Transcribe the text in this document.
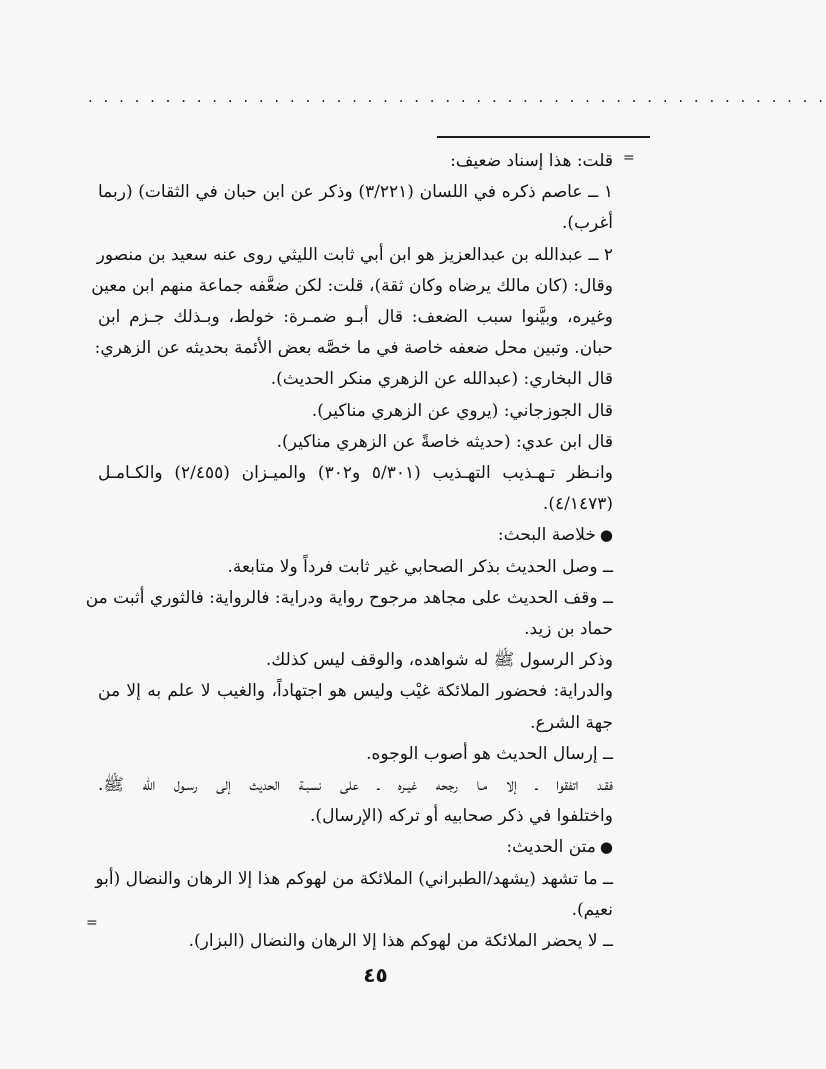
. . . . . . . . . . . . . . . . . . . . . . . . . . . . . . . . . . . . . . . . . . . . . . . .
=
قلت: هذا إسناد ضعيف:
١ ــ عاصم ذكره في اللسان (٣/٢٢١) وذكر عن ابن حبان في الثقات) (ربما
أغرب).
٢ ــ عبدالله بن عبدالعزيز هو ابن أبي ثابت الليثي روى عنه سعيد بن منصور
وقال: (كان مالك يرضاه وكان ثقة)، قلت: لكن ضعَّفه جماعة منهم ابن معين
وغيره، وبيَّنوا سبب الضعف: قال أبـو ضمـرة: خولط، وبـذلك جـزم ابن
حبان. وتبين محل ضعفه خاصة في ما خصَّه بعض الأئمة بحديثه عن الزهري:
قال البخاري: (عبدالله عن الزهري منكر الحديث).
قال الجوزجاني: (يروي عن الزهري مناكير).
قال ابن عدي: (حديثه خاصةً عن الزهري مناكير).
وانـظر تـهـذيب التهـذيب (٥/٣٠١ و٣٠٢) والميـزان (٢/٤٥٥) والكـامـل
(٤/١٤٧٣).
●خلاصة البحث:
ــ وصل الحديث بذكر الصحابي غير ثابت فرداً ولا متابعة.
ــ وقف الحديث على مجاهد مرجوح رواية ودراية: فالرواية: فالثوري أثبت من
حماد بن زيد.
وذكر الرسول ﷺ له شواهده، والوقف ليس كذلك.
والدراية: فحضور الملائكة غيْب وليس هو اجتهاداً، والغيب لا علم به إلا من
جهة الشرع.
ــ إرسال الحديث هو أصوب الوجوه.
فقـد اتفقوا ـ إلا مـا رجحه غيـره ـ على نسبـة الحديث إلى رسـول الله ﷺ.
واختلفوا في ذكر صحابيه أو تركه (الإرسال).
●متن الحديث:
ــ ما تشهد (يشهد/الطبراني) الملائكة من لهوكم هذا إلا الرهان والنضال (أبو
نعيم).
ــ لا يحضر الملائكة من لهوكم هذا إلا الرهان والنضال (البزار).
=
٤٥
